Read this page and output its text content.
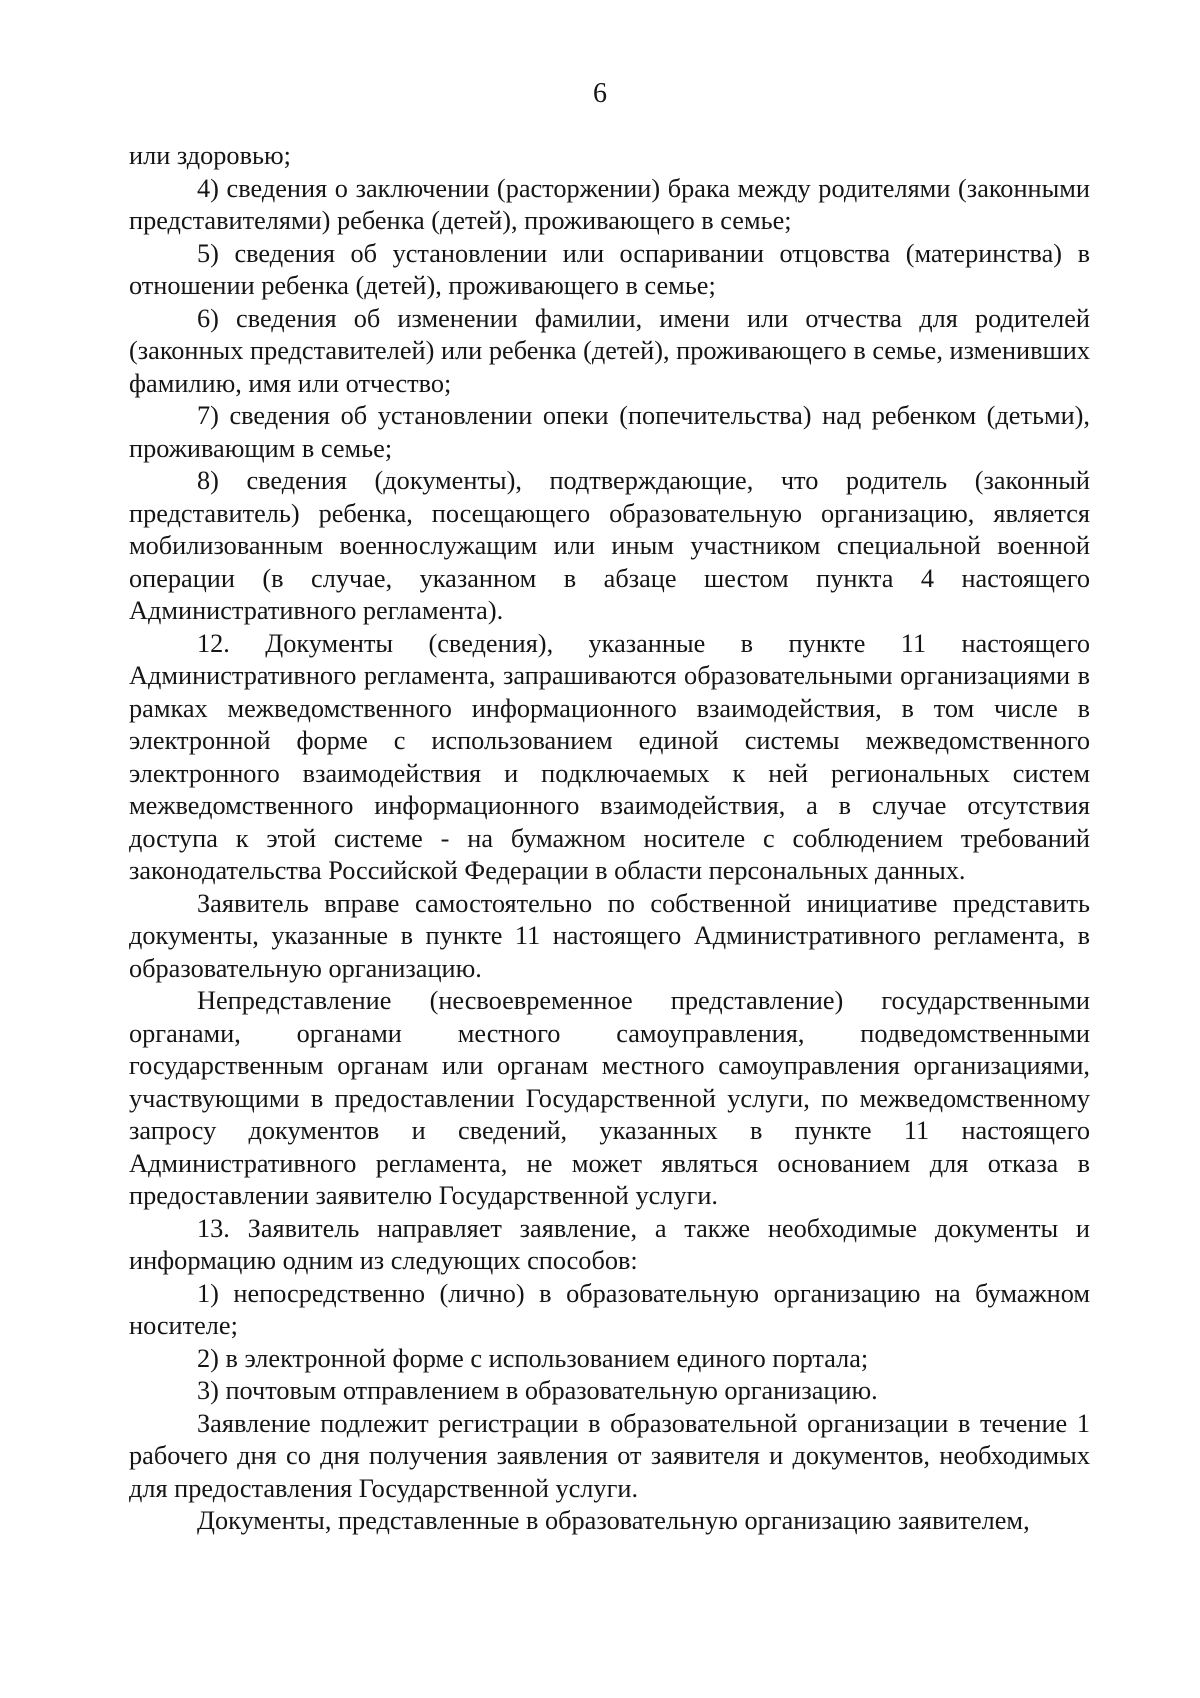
6

или здоровью;

4) сведения о заключении (расторжении) брака между родителями (законными представителями) ребенка (детей), проживающего в семье;

5) сведения об установлении или оспаривании отцовства (материнства) в отношении ребенка (детей), проживающего в семье;

6) сведения об изменении фамилии, имени или отчества для родителей (законных представителей) или ребенка (детей), проживающего в семье, изменивших фамилию, имя или отчество;

7) сведения об установлении опеки (попечительства) над ребенком (детьми), проживающим в семье;

8) сведения (документы), подтверждающие, что родитель (законный представитель) ребенка, посещающего образовательную организацию, является мобилизованным военнослужащим или иным участником специальной военной операции (в случае, указанном в абзаце шестом пункта 4 настоящего Административного регламента).

12. Документы (сведения), указанные в пункте 11 настоящего Административного регламента, запрашиваются образовательными организациями в рамках межведомственного информационного взаимодействия, в том числе в электронной форме с использованием единой системы межведомственного электронного взаимодействия и подключаемых к ней региональных систем межведомственного информационного взаимодействия, а в случае отсутствия доступа к этой системе - на бумажном носителе с соблюдением требований законодательства Российской Федерации в области персональных данных.

Заявитель вправе самостоятельно по собственной инициативе представить документы, указанные в пункте 11 настоящего Административного регламента, в образовательную организацию.

Непредставление (несвоевременное представление) государственными органами, органами местного самоуправления, подведомственными государственным органам или органам местного самоуправления организациями, участвующими в предоставлении Государственной услуги, по межведомственному запросу документов и сведений, указанных в пункте 11 настоящего Административного регламента, не может являться основанием для отказа в предоставлении заявителю Государственной услуги.

13. Заявитель направляет заявление, а также необходимые документы и информацию одним из следующих способов:

1) непосредственно (лично) в образовательную организацию на бумажном носителе;

2) в электронной форме с использованием единого портала;

3) почтовым отправлением в образовательную организацию.

Заявление подлежит регистрации в образовательной организации в течение 1 рабочего дня со дня получения заявления от заявителя и документов, необходимых для предоставления Государственной услуги.

Документы, представленные в образовательную организацию заявителем,
